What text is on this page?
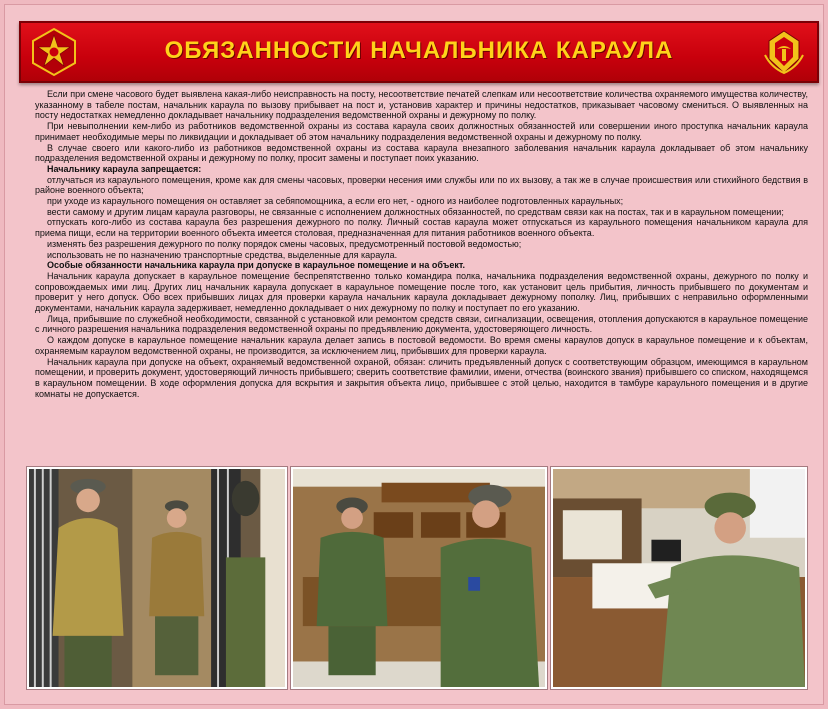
ОБЯЗАННОСТИ НАЧАЛЬНИКА КАРАУЛА

Если при смене часового будет выявлена какая-либо неисправность на посту, несоответствие печатей слепкам или несоответствие количества охраняемого имущества количеству, указанному в табеле постам, начальник караула по вызову прибывает на пост и, установив характер и причины недостатков, приказывает часовому смениться. О выявленных на посту недостатках немедленно докладывает начальнику подразделения ведомственной охраны и дежурному по полку.

При невыполнении кем-либо из работников ведомственной охраны из состава караула своих должностных обязанностей или совершении иного проступка начальник караула принимает необходимые меры по ликвидации и докладывает об этом начальнику подразделения ведомственной охраны и дежурному по полку.

В случае своего или какого-либо из работников ведомственной охраны из состава караула внезапного заболевания начальник караула докладывает об этом начальнику подразделения ведомственной охраны и дежурному по полку, просит замены и поступает поих указанию.

Начальнику караула запрещается:

отлучаться из караульного помещения, кроме как для смены часовых, проверки несения ими службы или по их вызову, а так же в случае происшествия или стихийного бедствия в районе военного объекта;

при уходе из караульного помещения он оставляет за себяпомощника, а если его нет, - одного из наиболее подготовленных караульных;

вести самому и другим лицам караула разговоры, не связанные с исполнением должностных обязанностей, по средствам связи как на постах, так и в караульном помещении;

отпускать кого-либо из состава караула без разрешения дежурного по полку. Личный состав караула может отпускаться из караульного помещения начальником караула для приема пищи, если на территории военного объекта имеется столовая, предназначенная для питания работников военного объекта.

изменять без разрешения дежурного по полку порядок смены часовых, предусмотренный постовой ведомостью;

использовать не по назначению транспортные средства, выделенные для караула.

Особые обязанности начальника караула при допуске в караульное помещение и на объект.

Начальник караула допускает в караульное помещение беспрепятственно только командира полка, начальника подразделения ведомственной охраны, дежурного по полку и сопровождаемых ими лиц. Других лиц начальник караула допускает в караульное помещение после того, как установит цель прибытия, личность прибывшего по документам и проверит у него допуск. Обо всех прибывших лицах для проверки караула начальник караула докладывает дежурному пополку. Лиц, прибывших с неправильно оформленными документами, начальник караула задерживает, немедленно докладывает о них дежурному по полку и поступает по его указанию.

Лица, прибывшие по служебной необходимости, связанной с установкой или ремонтом средств связи, сигнализации, освещения, отопления допускаются в караульное помещение с личного разрешения начальника подразделения ведомственной охраны по предъявлению документа, удостоверяющего личность.

О каждом допуске в караульное помещение начальник караула делает запись в постовой ведомости. Во время смены караулов допуск в караульное помещение и к объектам, охраняемым караулом ведомственной охраны, не производится, за исключением лиц, прибывших для проверки караула.

Начальник караула при допуске на объект, охраняемый ведомственной охраной, обязан: сличить предъявленный допуск с соответствующим образцом, имеющимся в караульном помещении, и проверить документ, удостоверяющий личность прибывшего; сверить соответствие фамилии, имени, отчества (воинского звания) прибывшего со списком, находящемся в караульном помещении. В ходе оформления допуска для вскрытия и закрытия объекта лицо, прибывшее с этой целью, находится в тамбуре караульного помещения и в другие комнаты не допускается.
